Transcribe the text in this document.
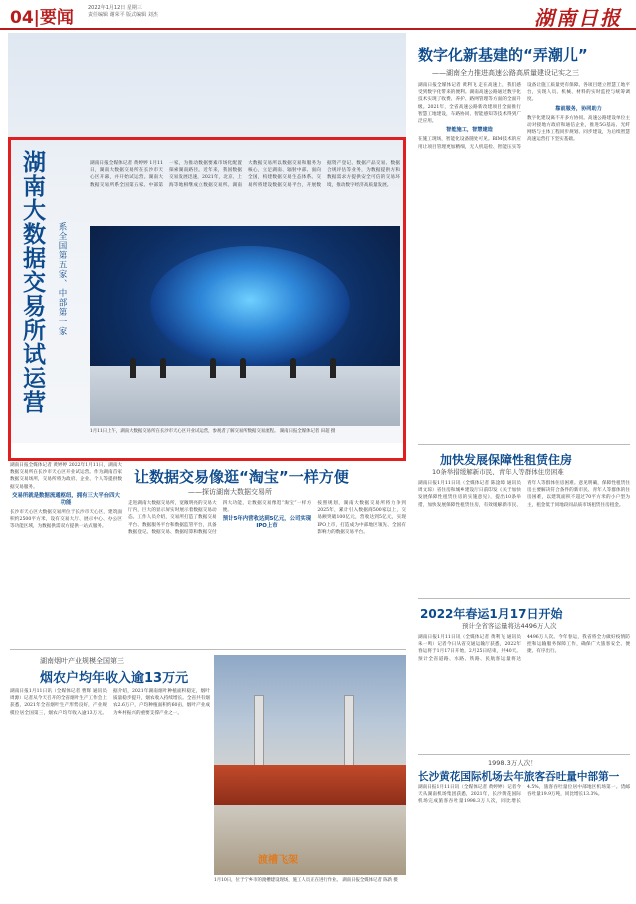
04|要闻	2022年1月12日 星期三
责任编辑 谢荣平 版式编辑 刘杰	湖南日报
湖南大数据交易所试运营 系全国第五家、中部第一家
湖南日报全媒体记者 黄婷婷 1月11日，湖南大数据交易所在长沙市天心区开幕，并开始试运营。湖南大数据交易所系全国第五家、中部第一家，为推动数据要素市场化配置探索湖南路径。近年来，我国数据交易发展迅速，2021年，北京、上海等地相继成立数据交易所。湖南大数据交易所以数据交易和服务为核心，立足湖南、辐射中部、面向全国，构建数据交易生态体系。交易所将建设数据交易平台，开展数据资产登记、数据产品交易、数据合规评估等业务，为数据提供方和数据需求方提供安全可信的交易环境，推动数字经济高质量发展。
1月11日上午，湖南大数据交易所在长沙市天心区开业试运营，参观者了解交易所数据交易流程。 湖南日报全媒体记者 田超 摄
数字化新基建的“弄潮儿”
——湖南全力推进高速公路高质量建设记实之三
湖南日报全媒体记者 黄利飞 走在高速上，我们感受到数字化带来的便利。湖南高速公路通过数字化技术实现了收费、养护、路网管理等方面的全面升级。2021年，全省高速公路新改建项目全面推行智慧工地建设，车路协同、智能感知等技术得到广泛应用。
智能施工，智慧建造
在施工现场，智能化设备随处可见。BIM技术的应用让项目管理更加精细，无人机巡检、智能压实等设备让施工质量更有保障。各项目建立智慧工地平台，实现人员、机械、材料的实时监控与统筹调度。
靠前服务，协同助力
数字化建设离不开多方协同。高速公路建设单位主动对接地方政府和通信企业，推进5G基站、光纤网络与主体工程同步规划、同步建设，为后续智慧高速运营打下坚实基础。
加快发展保障性租赁住房
10条举措缓解新市民、青年人等群体住房困难
湖南日报1月11日讯（全媒体记者 陈淦璋 通讯员 周文琼）省住房和城乡建设厅日前印发《关于加快发展保障性租赁住房的实施意见》，提出10条举措，加快发展保障性租赁住房，有效缓解新市民、青年人等群体住房困难。意见明确，保障性租赁住房主要解决符合条件的新市民、青年人等群体的住房困难，以建筑面积不超过70平方米的小户型为主，租金低于同地段同品质市场租赁住房租金。
2022年春运1月17日开始
预计全省客运量将达4496万人次
湖南日报1月11日讯（全媒体记者 黄利飞 通讯员 朱一鸣）记者今日从省交通运输厅获悉，2022年春运将于1月17日开始，2月25日结束，共40天。预计全省道路、水路、铁路、民航客运量将达4496万人次。今年春运，我省将全力做好疫情防控和运输服务保障工作，确保广大旅客安全、便捷、有序出行。
1998.3万人次！
长沙黄花国际机场去年旅客吞吐量中部第一
湖南日报1月11日讯（全媒体记者 黄婷婷）记者今天从湖南机场集团获悉，2021年，长沙黄花国际机场完成旅客吞吐量1998.3万人次，同比增长4.5%，旅客吞吐量位居中部地区机场第一。货邮吞吐量19.9万吨，同比增长13.3%。
湖南日报全媒体记者 黄婷婷 2022年1月11日，湖南大数据交易所在长沙市天心区开业试运营。作为湖南首家数据交易场所，交易所将为政府、企业、个人等提供数据交易服务。
交易所就是数据流通枢纽，拥有三大平台四大功能
长沙市天心区大数据交易所位于长沙市天心区，建筑面积约2500平方米，设有交易大厅、展示中心、办公区等功能区域，为数据供需双方提供一站式服务。
让数据交易像逛“淘宝”一样方便
——探访湖南大数据交易所
走进湖南大数据交易所，宽敞明亮的交易大厅内，巨大的显示屏实时展示着数据交易动态。工作人员介绍，交易所打造了数据交易平台、数据服务平台和数据监管平台，具备数据登记、数据交易、数据结算和数据交付四大功能，让数据交易像逛“淘宝”一样方便。
预计5年内营收达到5亿元，公司实现IPO上市
按照规划，湖南大数据交易所将力争到2025年，累计引入数据商500家以上，交易额突破100亿元，营收达到5亿元，实现IPO上市，打造成为中部地区领先、全国有影响力的数据交易平台。
湖南烟叶产业规模全国第三
烟农户均年收入逾13万元
湖南日报1月11日讯（全媒体记者 曹辉 通讯员 周源）记者从今天召开的全省烟叶生产工作会上获悉，2021年全省烟叶生产形势良好，产业规模位居全国第三，烟农户均年收入逾13万元。据介绍，2021年湖南烟叶种植面积稳定，烟叶质量稳步提升，烟农收入持续增长。全省共有烟农2.6万户，户均种植面积约60亩，烟叶产业成为乡村振兴的重要支撑产业之一。
渡槽飞架
1月10日，位于宁乡市的渡槽建设现场，施工人员正在进行作业。 湖南日报全媒体记者 陈新 摄
